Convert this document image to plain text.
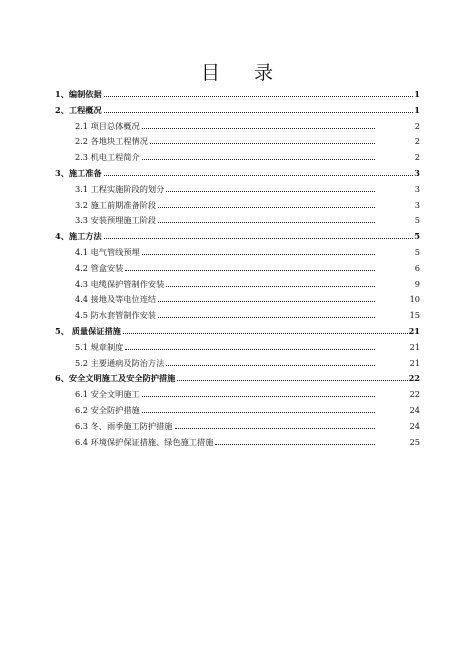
目 录
1、编制依据	1
2、工程概况	1
2.1 项目总体概况	2
2.2 各地块工程情况	2
2.3 机电工程简介	2
3、施工准备	3
3.1 工程实施阶段的划分	3
3.2 施工前期准备阶段	3
3.3 安装预埋施工阶段	5
4、施工方法	5
4.1 电气管线预埋	5
4.2 管盒安装	6
4.3 电缆保护管制作安装	9
4.4 接地及等电位连结	10
4.5 防水套管制作安装	15
5、 质量保证措施	21
5.1 规章制度	21
5.2 主要通病及防治方法	21
6、安全文明施工及安全防护措施	22
6.1 安全文明施工	22
6.2 安全防护措施	24
6.3 冬、雨季施工防护措施	24
6.4 环境保护保证措施、绿色施工措施	25
